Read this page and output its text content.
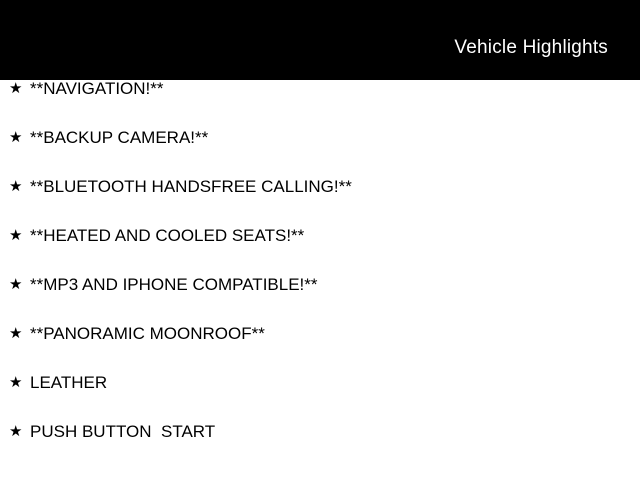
Vehicle Highlights
★ **NAVIGATION!**
★ **BACKUP CAMERA!**
★ **BLUETOOTH HANDSFREE CALLING!**
★ **HEATED AND COOLED SEATS!**
★ **MP3 AND IPHONE COMPATIBLE!**
★ **PANORAMIC MOONROOF**
★ LEATHER
★ PUSH BUTTON  START
